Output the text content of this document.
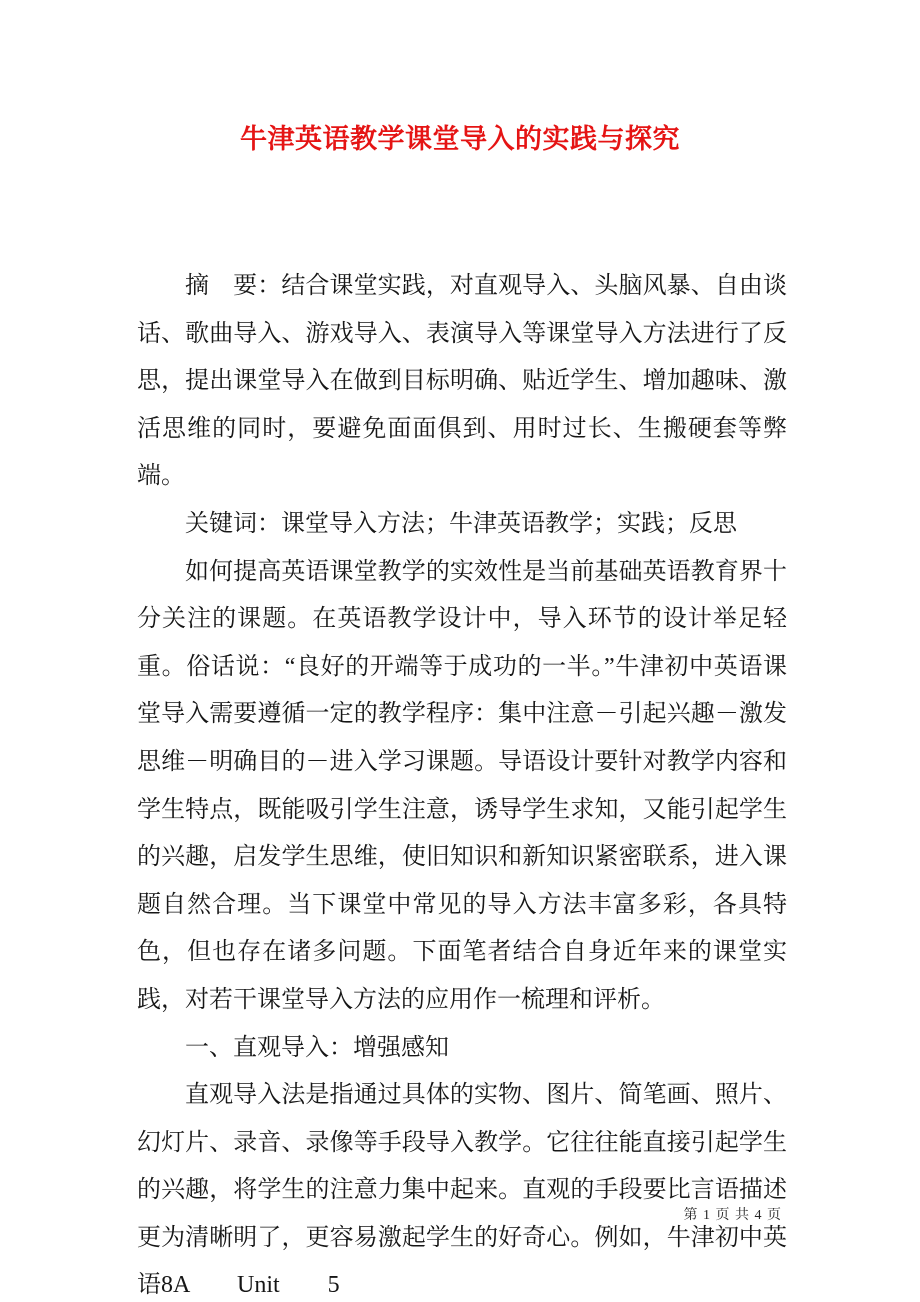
牛津英语教学课堂导入的实践与探究

摘　要：结合课堂实践，对直观导入、头脑风暴、自由谈话、歌曲导入、游戏导入、表演导入等课堂导入方法进行了反思，提出课堂导入在做到目标明确、贴近学生、增加趣味、激活思维的同时，要避免面面俱到、用时过长、生搬硬套等弊端。

关键词：课堂导入方法；牛津英语教学；实践；反思

如何提高英语课堂教学的实效性是当前基础英语教育界十分关注的课题。在英语教学设计中，导入环节的设计举足轻重。俗话说：“良好的开端等于成功的一半。”牛津初中英语课堂导入需要遵循一定的教学程序：集中注意－引起兴趣－激发思维－明确目的－进入学习课题。导语设计要针对教学内容和学生特点，既能吸引学生注意，诱导学生求知，又能引起学生的兴趣，启发学生思维，使旧知识和新知识紧密联系，进入课题自然合理。当下课堂中常见的导入方法丰富多彩，各具特色，但也存在诸多问题。下面笔者结合自身近年来的课堂实践，对若干课堂导入方法的应用作一梳理和评析。

一、直观导入：增强感知

直观导入法是指通过具体的实物、图片、简笔画、照片、幻灯片、录音、录像等手段导入教学。它往往能直接引起学生的兴趣，将学生的注意力集中起来。直观的手段要比言语描述更为清晰明了，更容易激起学生的好奇心。例如，牛津初中英语8A　　Unit　　5

第 1 页 共 4 页
